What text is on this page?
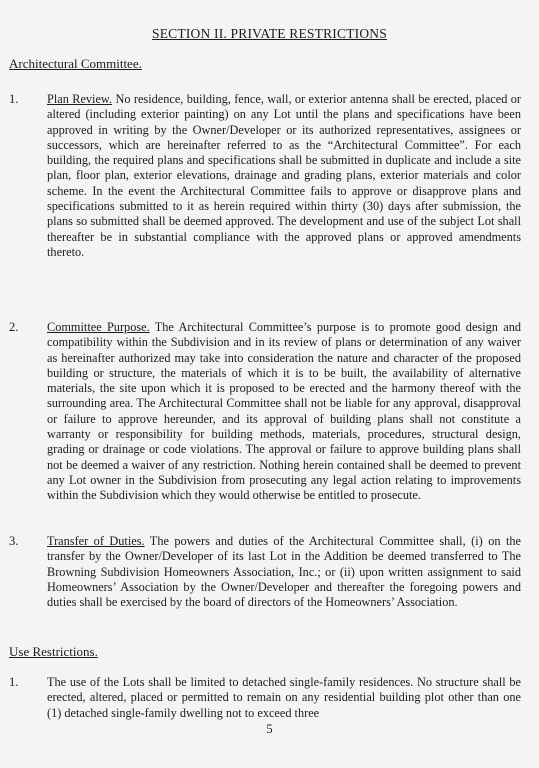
SECTION II. PRIVATE RESTRICTIONS
Architectural Committee.
1. Plan Review. No residence, building, fence, wall, or exterior antenna shall be erected, placed or altered (including exterior painting) on any Lot until the plans and specifications have been approved in writing by the Owner/Developer or its authorized representatives, assignees or successors, which are hereinafter referred to as the “Architectural Committee”. For each building, the required plans and specifications shall be submitted in duplicate and include a site plan, floor plan, exterior elevations, drainage and grading plans, exterior materials and color scheme. In the event the Architectural Committee fails to approve or disapprove plans and specifications submitted to it as herein required within thirty (30) days after submission, the plans so submitted shall be deemed approved. The development and use of the subject Lot shall thereafter be in substantial compliance with the approved plans or approved amendments thereto.
2. Committee Purpose. The Architectural Committee’s purpose is to promote good design and compatibility within the Subdivision and in its review of plans or determination of any waiver as hereinafter authorized may take into consideration the nature and character of the proposed building or structure, the materials of which it is to be built, the availability of alternative materials, the site upon which it is proposed to be erected and the harmony thereof with the surrounding area. The Architectural Committee shall not be liable for any approval, disapproval or failure to approve hereunder, and its approval of building plans shall not constitute a warranty or responsibility for building methods, materials, procedures, structural design, grading or drainage or code violations. The approval or failure to approve building plans shall not be deemed a waiver of any restriction. Nothing herein contained shall be deemed to prevent any Lot owner in the Subdivision from prosecuting any legal action relating to improvements within the Subdivision which they would otherwise be entitled to prosecute.
3. Transfer of Duties. The powers and duties of the Architectural Committee shall, (i) on the transfer by the Owner/Developer of its last Lot in the Addition be deemed transferred to The Browning Subdivision Homeowners Association, Inc.; or (ii) upon written assignment to said Homeowners’ Association by the Owner/Developer and thereafter the foregoing powers and duties shall be exercised by the board of directors of the Homeowners’ Association.
Use Restrictions.
1. The use of the Lots shall be limited to detached single-family residences. No structure shall be erected, altered, placed or permitted to remain on any residential building plot other than one (1) detached single-family dwelling not to exceed three
5
